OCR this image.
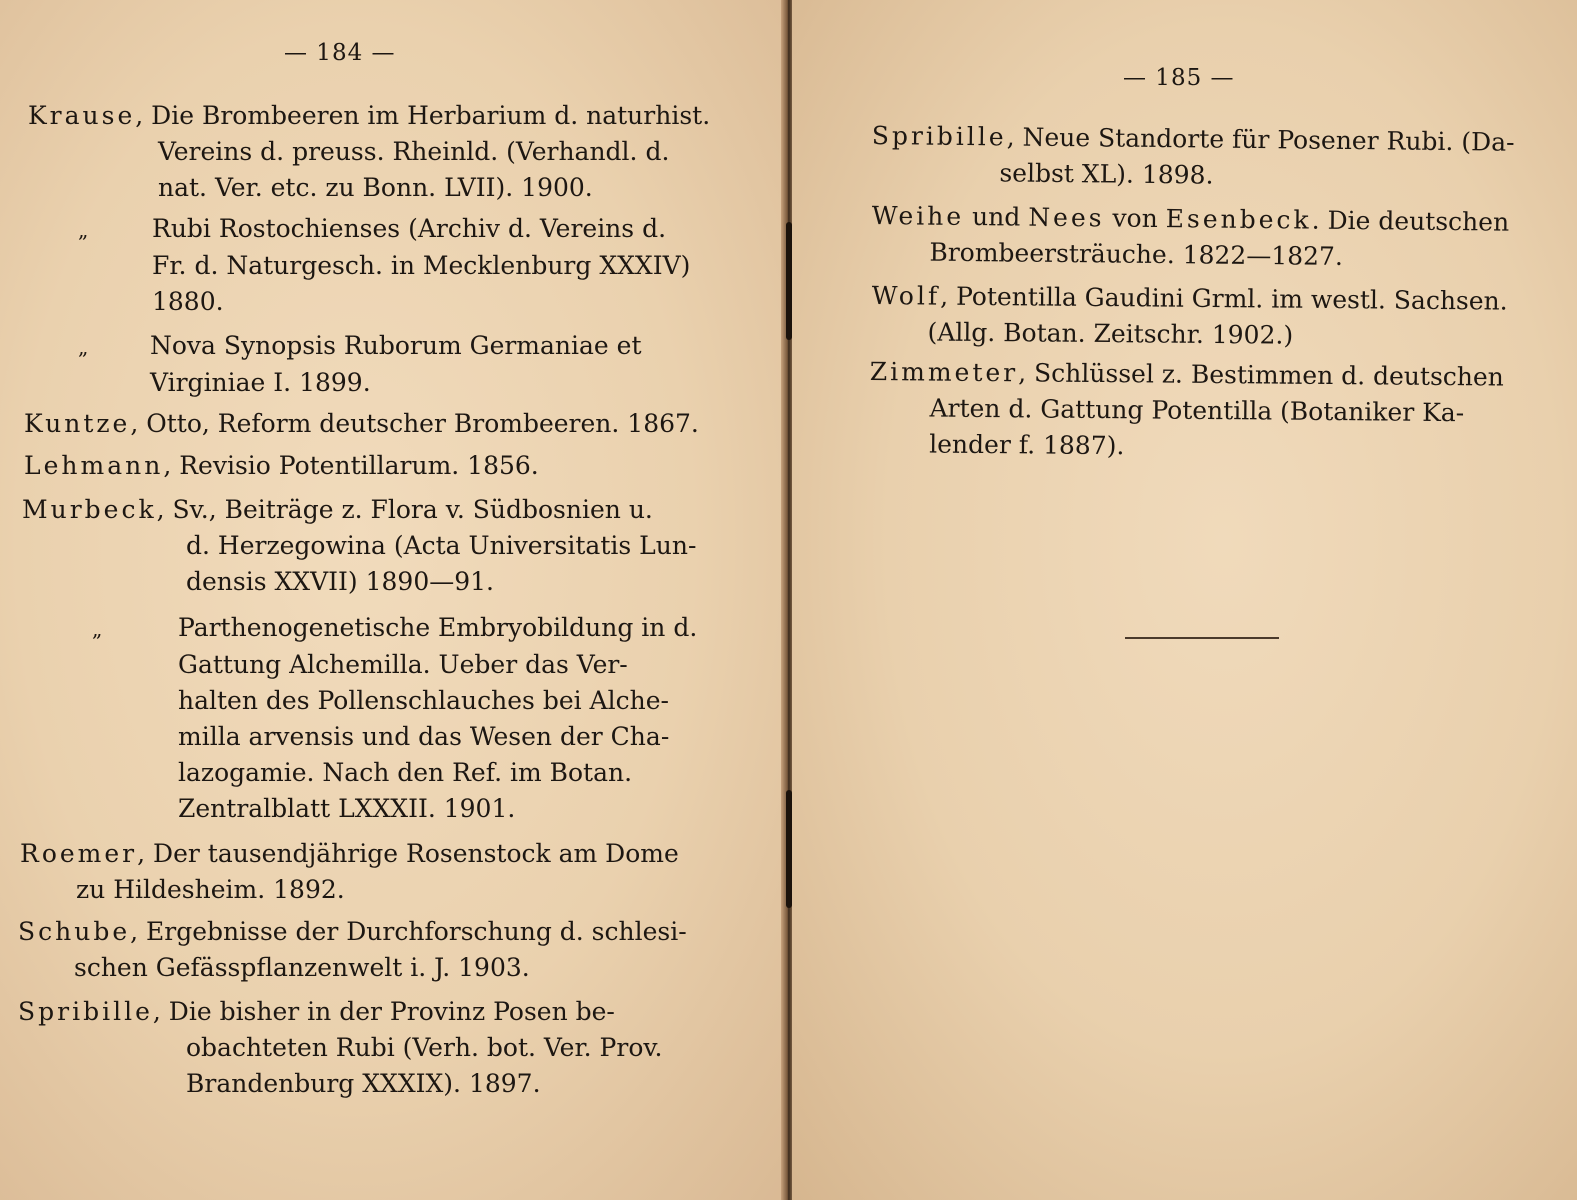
— 184 —
Krause, Die Brombeeren im Herbarium d. naturhist.
Vereins d. preuss. Rheinld. (Verhandl. d.
nat. Ver. etc. zu Bonn. LVII). 1900.
„	Rubi Rostochienses (Archiv d. Vereins d.
Fr. d. Naturgesch. in Mecklenburg XXXIV)
1880.
„ Nova Synopsis Ruborum Germaniae et
Virginiae I. 1899.
Kuntze, Otto, Reform deutscher Brombeeren. 1867.
Lehmann, Revisio Potentillarum. 1856.
Murbeck, Sv., Beiträge z. Flora v. Südbosnien u.
d. Herzegowina (Acta Universitatis Lun-
densis XXVII) 1890—91.
„	Parthenogenetische Embryobildung in d.
Gattung Alchemilla. Ueber das Ver-
halten des Pollenschlauches bei Alche-
milla arvensis und das Wesen der Cha-
lazogamie. Nach den Ref. im Botan.
Zentralblatt LXXXII. 1901.
Roemer, Der tausendjährige Rosenstock am Dome
zu Hildesheim. 1892.
Schube, Ergebnisse der Durchforschung d. schlesi-
schen Gefässpflanzenwelt i. J. 1903.
Spribille, Die bisher in der Provinz Posen be-
obachteten Rubi (Verh. bot. Ver. Prov.
Brandenburg XXXIX). 1897.
— 185 —
Spribille, Neue Standorte für Posener Rubi. (Da-
selbst XL). 1898.
Weihe und Nees von Esenbeck. Die deutschen
Brombeersträuche. 1822—1827.
Wolf, Potentilla Gaudini Grml. im westl. Sachsen.
(Allg. Botan. Zeitschr. 1902.)
Zimmeter, Schlüssel z. Bestimmen d. deutschen
Arten d. Gattung Potentilla (Botaniker Ka-
lender f. 1887).
